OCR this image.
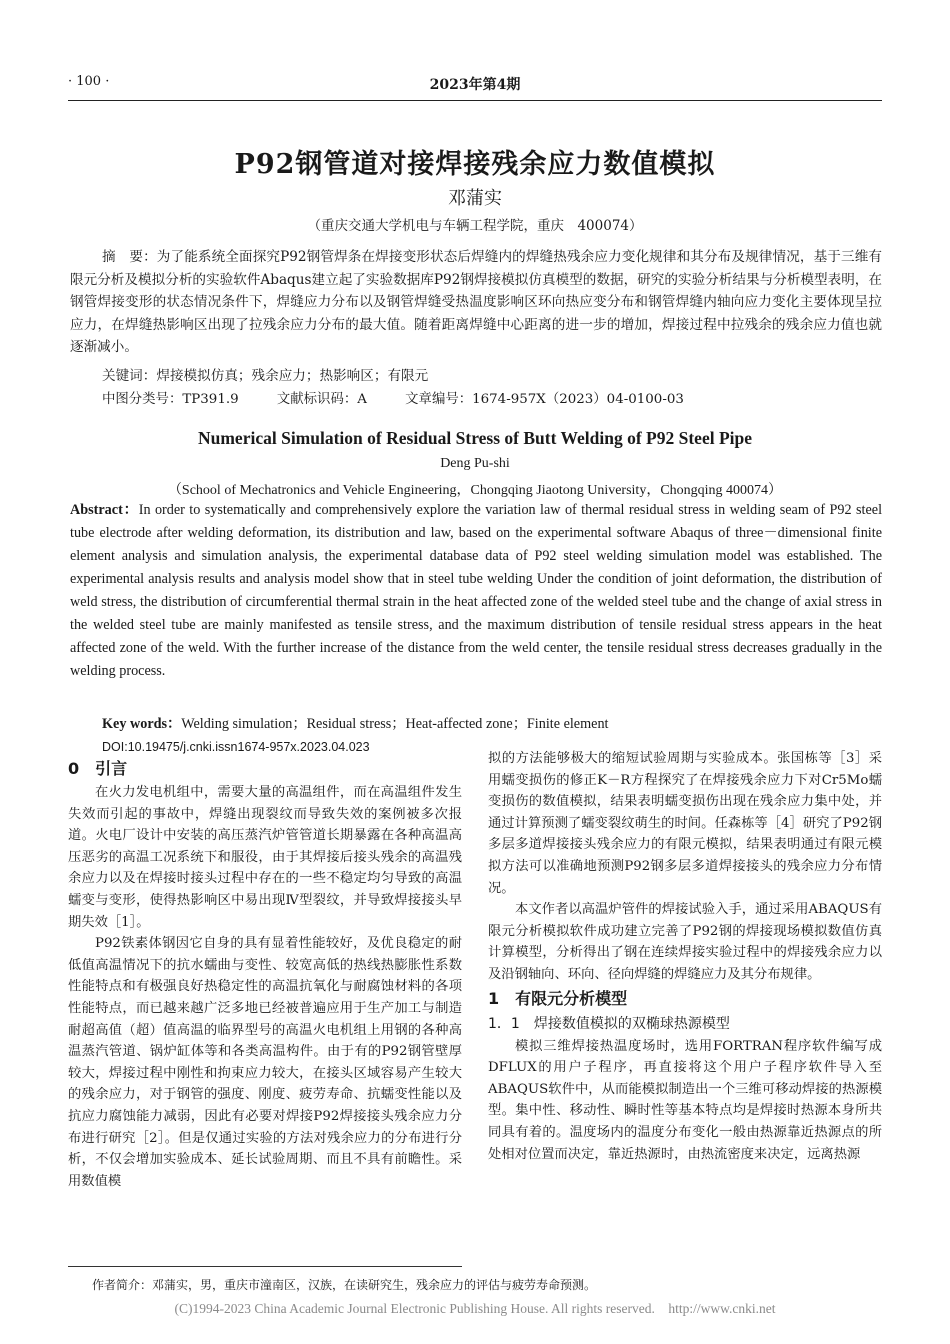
· 100 ·	2023年第4期
P92钢管道对接焊接残余应力数值模拟
邓蒲实
（重庆交通大学机电与车辆工程学院，重庆　400074）
摘　要：为了能系统全面探究P92钢管焊条在焊接变形状态后焊缝内的焊缝热残余应力变化规律和其分布及规律情况，基于三维有限元分析及模拟分析的实验软件Abaqus建立起了实验数据库P92钢焊接模拟仿真模型的数据，研究的实验分析结果与分析模型表明，在钢管焊接变形的状态情况条件下，焊缝应力分布以及钢管焊缝受热温度影响区环向热应变分布和钢管焊缝内轴向应力变化主要体现呈拉应力，在焊缝热影响区出现了拉残余应力分布的最大值。随着距离焊缝中心距离的进一步的增加，焊接过程中拉残余的残余应力值也就逐渐减小。
关键词：焊接模拟仿真；残余应力；热影响区；有限元
中图分类号：TP391.9	文献标识码：A	文章编号：1674-957X（2023）04-0100-03
Numerical Simulation of Residual Stress of Butt Welding of P92 Steel Pipe
Deng Pu-shi
（School of Mechatronics and Vehicle Engineering，Chongqing Jiaotong University，Chongqing 400074）
Abstract：In order to systematically and comprehensively explore the variation law of thermal residual stress in welding seam of P92 steel tube electrode after welding deformation, its distribution and law, based on the experimental software Abaqus of three－dimensional finite element analysis and simulation analysis, the experimental database data of P92 steel welding simulation model was established. The experimental analysis results and analysis model show that in steel tube welding Under the condition of joint deformation, the distribution of weld stress, the distribution of circumferential thermal strain in the heat affected zone of the welded steel tube and the change of axial stress in the welded steel tube are mainly manifested as tensile stress, and the maximum distribution of tensile residual stress appears in the heat affected zone of the weld. With the further increase of the distance from the weld center, the tensile residual stress decreases gradually in the welding process.
Key words：Welding simulation；Residual stress；Heat-affected zone；Finite element
DOI:10.19475/j.cnki.issn1674-957x.2023.04.023
0　引言

在火力发电机组中，需要大量的高温组件，而在高温组件发生失效而引起的事故中，焊缝出现裂纹而导致失效的案例被多次报道。火电厂设计中安装的高压蒸汽炉管管道长期暴露在各种高温高压恶劣的高温工况系统下和服役，由于其焊接后接头残余的高温残余应力以及在焊接时接头过程中存在的一些不稳定均匀导致的高温蠕变与变形，使得热影响区中易出现Ⅳ型裂纹，并导致焊接接头早期失效［1］。

P92铁素体钢因它自身的具有显着性能较好，及优良稳定的耐低值高温情况下的抗水蠕曲与变性、较宽高低的热线热膨胀性系数性能特点和有极强良好热稳定性的高温抗氧化与耐腐蚀材料的各项性能特点，而已越来越广泛多地已经被普遍应用于生产加工与制造耐超高值（超）值高温的临界型号的高温火电机组上用钢的各种高温蒸汽管道、锅炉缸体等和各类高温构件。由于有的P92钢管壁厚较大，焊接过程中刚性和拘束应力较大，在接头区域容易产生较大的残余应力，对于钢管的强度、刚度、疲劳寿命、抗蠕变性能以及抗应力腐蚀能力减弱，因此有必要对焊接P92焊接接头残余应力分布进行研究［2］。但是仅通过实验的方法对残余应力的分布进行分析，不仅会增加实验成本、延长试验周期、而且不具有前瞻性。采用数值模

拟的方法能够极大的缩短试验周期与实验成本。张国栋等［3］采用蠕变损伤的修正K－R方程探究了在焊接残余应力下对Cr5Mo蠕变损伤的数值模拟，结果表明蠕变损伤出现在残余应力集中处，并通过计算预测了蠕变裂纹萌生的时间。任森栋等［4］研究了P92钢多层多道焊接接头残余应力的有限元模拟，结果表明通过有限元模拟方法可以准确地预测P92钢多层多道焊接接头的残余应力分布情况。

本文作者以高温炉管件的焊接试验入手，通过采用ABAQUS有限元分析模拟软件成功建立完善了P92钢的焊接现场模拟数值仿真计算模型，分析得出了钢在连续焊接实验过程中的焊接残余应力以及沿钢轴向、环向、径向焊缝的焊缝应力及其分布规律。

1　有限元分析模型
1．1　焊接数值模拟的双椭球热源模型

模拟三维焊接热温度场时，选用FORTRAN程序软件编写成DFLUX的用户子程序，再直接将这个用户子程序软件导入至ABAQUS软件中，从而能模拟制造出一个三维可移动焊接的热源模型。集中性、移动性、瞬时性等基本特点均是焊接时热源本身所共同具有着的。温度场内的温度分布变化一般由热源靠近热源点的所处相对位置而决定，靠近热源时，由热流密度来决定，远离热源

作者简介：邓蒲实，男，重庆市潼南区，汉族，在读研究生，残余应力的评估与疲劳寿命预测。
(C)1994-2023 China Academic Journal Electronic Publishing House. All rights reserved.　http://www.cnki.net
